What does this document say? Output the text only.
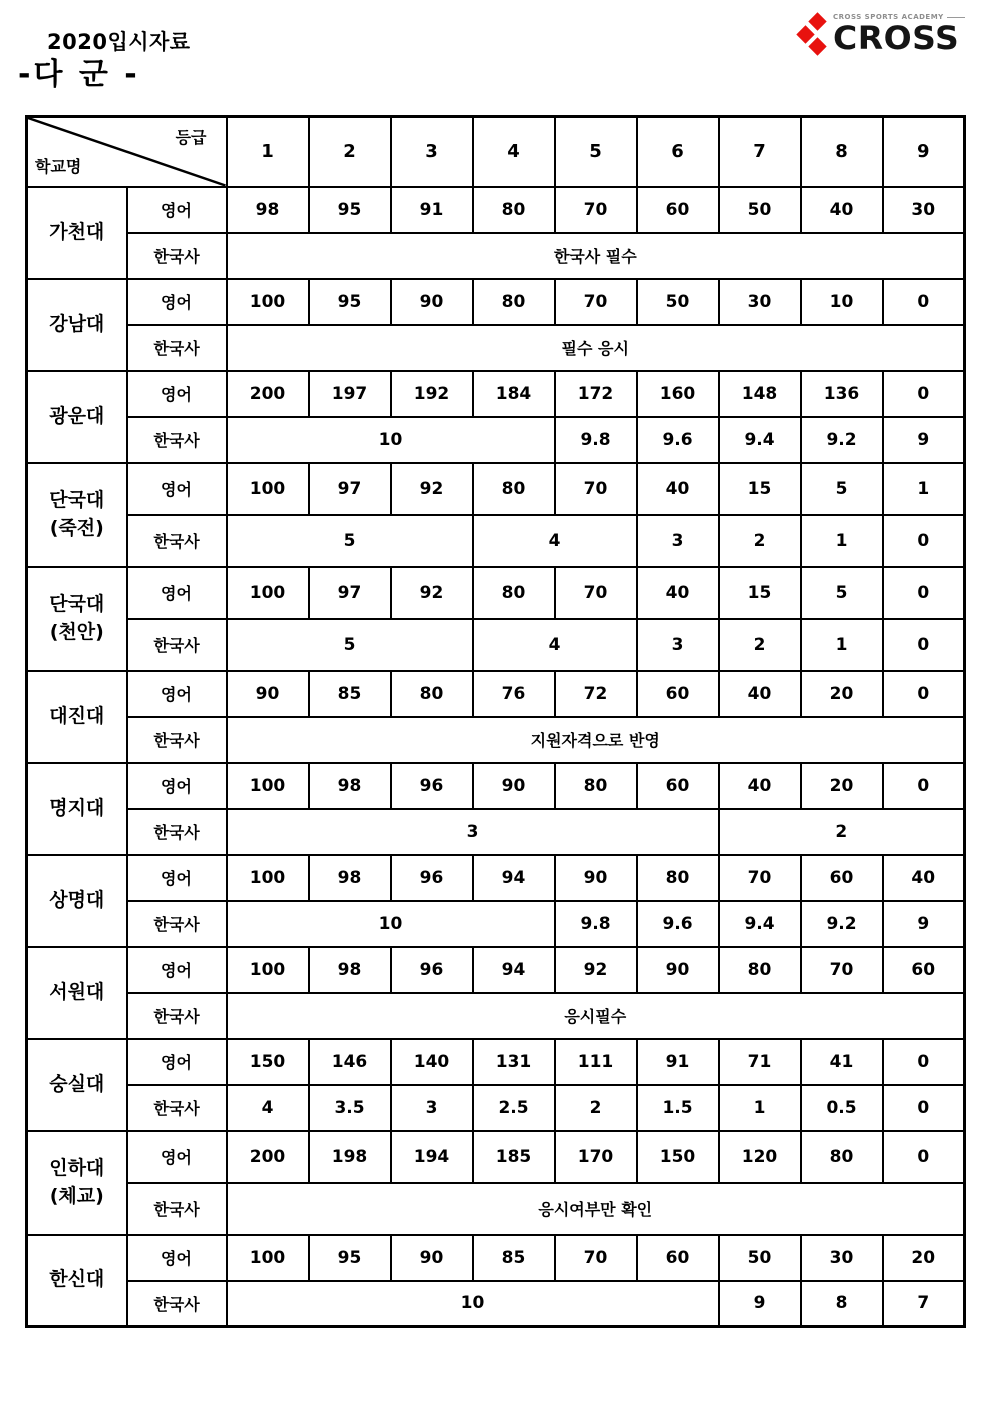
2020입시자료
-다 군 -
CROSS SPORTS ACADEMY
CROSS
등급
학교명		1	2	3	4	5	6	7	8	9
가천대	영어	98	95	91	80	70	60	50	40	30
	한국사	한국사 필수								
강남대	영어	100	95	90	80	70	50	30	10	0
	한국사	필수 응시								
광운대	영어	200	197	192	184	172	160	148	136	0
	한국사	10				9.8	9.6	9.4	9.2	9

단국대
(죽전)	영어	100	97	92	80	70	40	15	5	1
	한국사	5			4		3	2	1	0

단국대
(천안)	영어	100	97	92	80	70	40	15	5	0
	한국사	5			4		3	2	1	0
대진대	영어	90	85	80	76	72	60	40	20	0
	한국사	지원자격으로 반영								
명지대	영어	100	98	96	90	80	60	40	20	0
	한국사	3						2		
상명대	영어	100	98	96	94	90	80	70	60	40
	한국사	10				9.8	9.6	9.4	9.2	9
서원대	영어	100	98	96	94	92	90	80	70	60
	한국사	응시필수								
숭실대	영어	150	146	140	131	111	91	71	41	0
	한국사	4	3.5	3	2.5	2	1.5	1	0.5	0

인하대
(체교)	영어	200	198	194	185	170	150	120	80	0
	한국사	응시여부만 확인								
한신대	영어	100	95	90	85	70	60	50	30	20
	한국사	10						9	8	7
